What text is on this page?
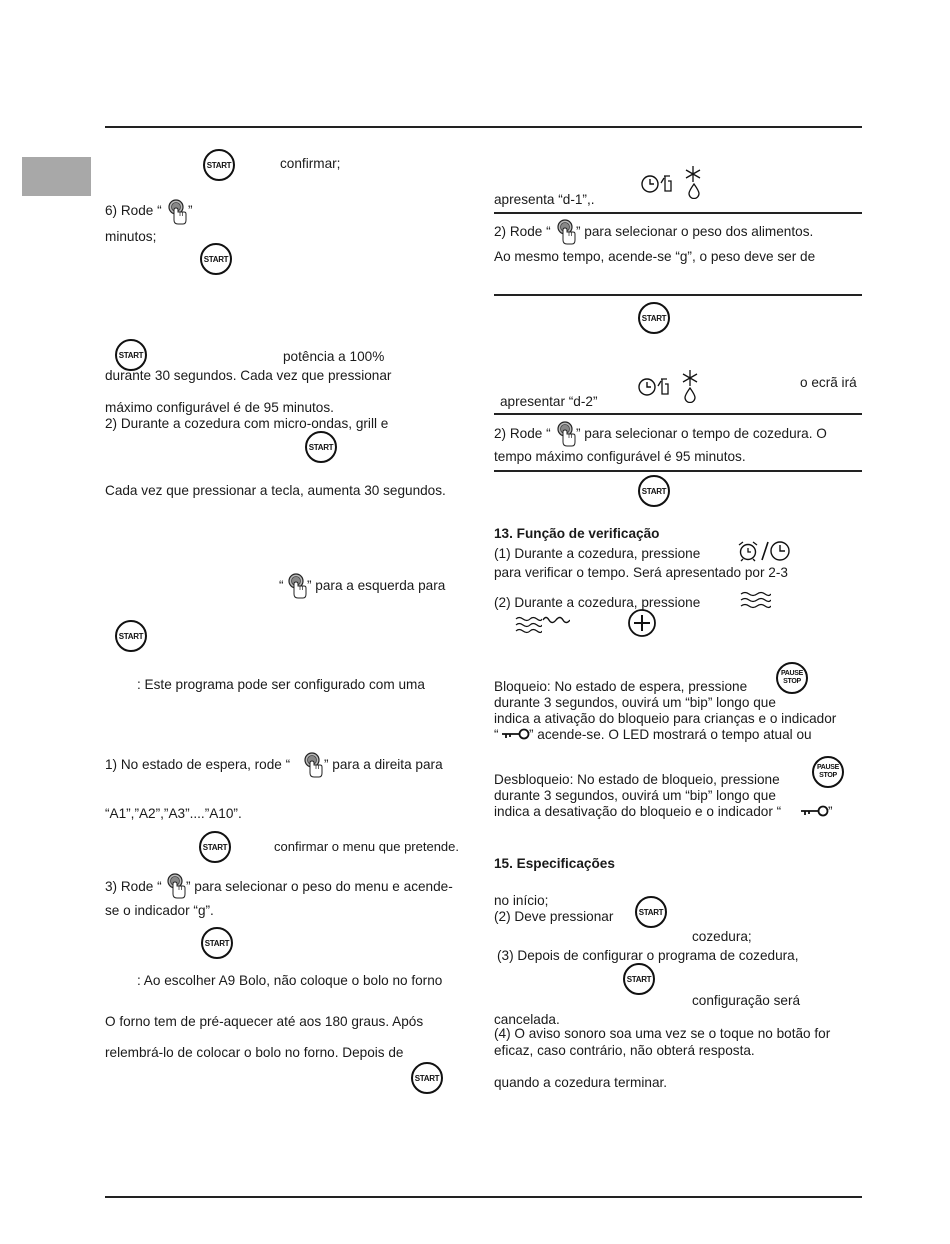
START	confirmar;
6) Rode “ ”
minutos;
START
START	potência a 100%
durante 30 segundos. Cada vez que pressionar
máximo configurável é de 95 minutos.
2) Durante a cozedura com micro-ondas, grill e
START
Cada vez que pressionar a tecla, aumenta 30 segundos.
“ ” para a esquerda para
START
: Este programa pode ser configurado com uma
1) No estado de espera, rode “ ” para a direita para
“A1”,”A2”,”A3”....”A10”.
START	confirmar o menu que pretende.
3) Rode “ ” para selecionar o peso do menu e acende-
se o indicador “g”.
START
: Ao escolher A9 Bolo, não coloque o bolo no forno
O forno tem de pré-aquecer até aos 180 graus. Após
relembrá-lo de colocar o bolo no forno. Depois de
START
apresenta “d-1”,.
2) Rode “ ” para selecionar o peso dos alimentos.
Ao mesmo tempo, acende-se “g”, o peso deve ser de
START
o ecrã irá
apresentar “d-2”
2) Rode “ ” para selecionar o tempo de cozedura. O
tempo máximo configurável é 95 minutos.
START
13. Função de verificação
(1) Durante a cozedura, pressione
para verificar o tempo. Será apresentado por 2-3
(2) Durante a cozedura, pressione
Bloqueio: No estado de espera, pressione
PAUSE
STOP
durante 3 segundos, ouvirá um “bip” longo que
indica a ativação do bloqueio para crianças e o indicador
“ ” acende-se. O LED mostrará o tempo atual ou
Desbloqueio: No estado de bloqueio, pressione
PAUSE
STOP
durante 3 segundos, ouvirá um “bip” longo que
indica a desativação do bloqueio e o indicador “	”
15. Especificações
no início;
(2) Deve pressionar	START
cozedura;
(3) Depois de configurar o programa de cozedura,
START
configuração será
cancelada.
(4) O aviso sonoro soa uma vez se o toque no botão for
eficaz, caso contrário, não obterá resposta.
quando a cozedura terminar.
